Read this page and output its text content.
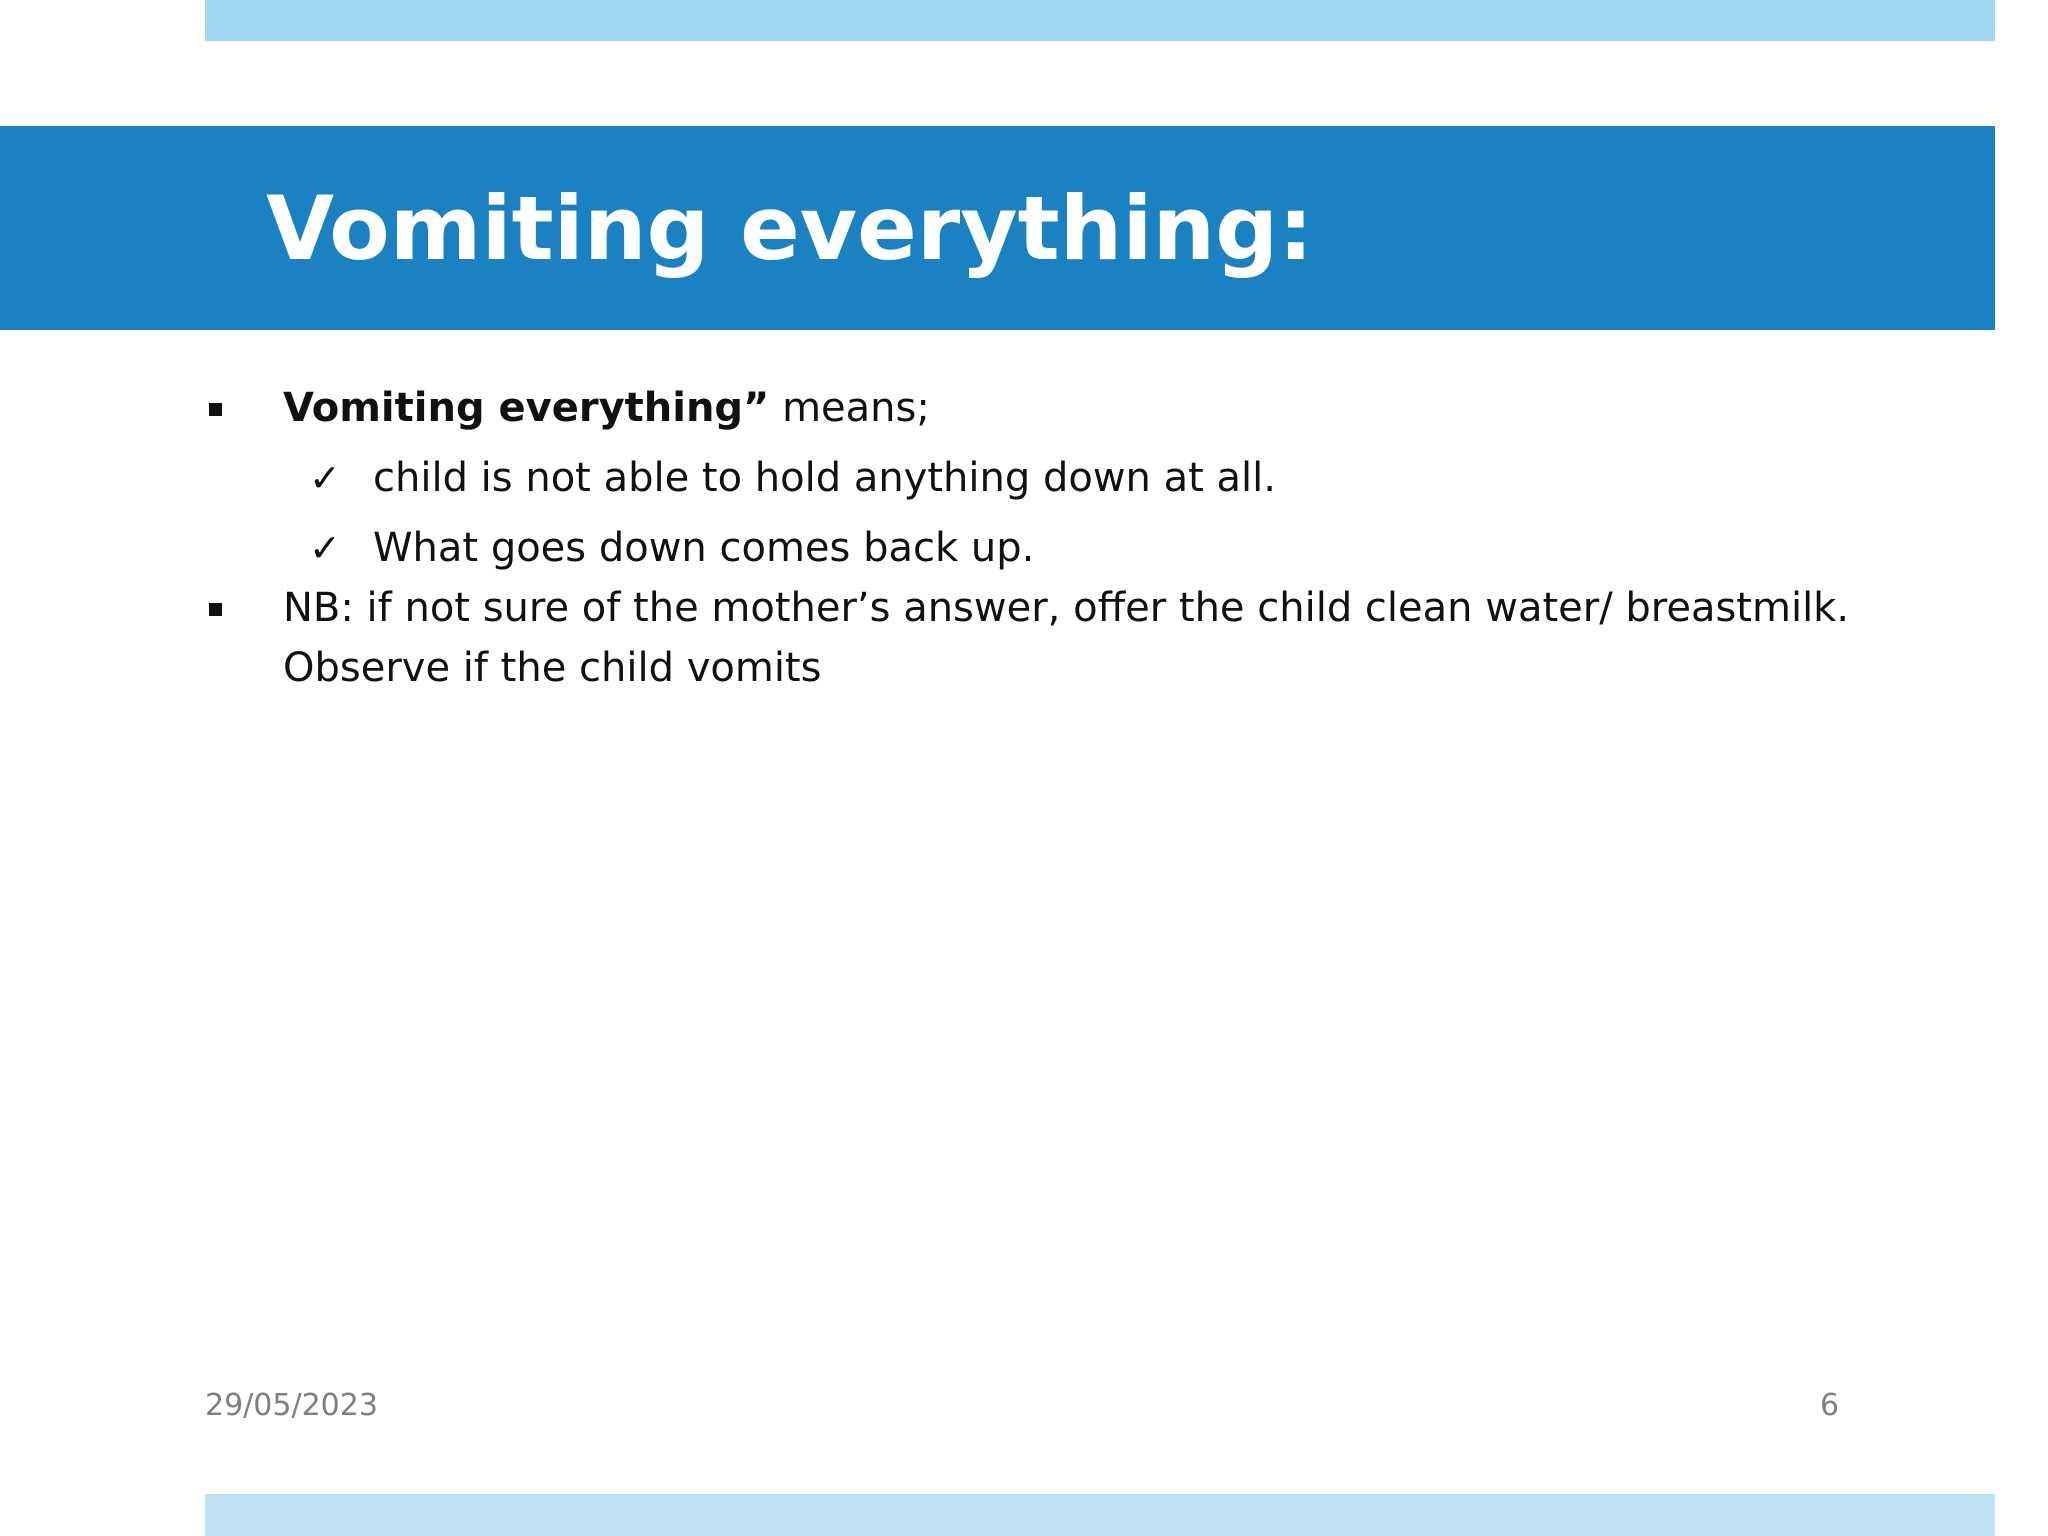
Vomiting everything:
Vomiting everything” means;
✓ child is not able to hold anything down at all.
✓ What goes down comes back up.
NB: if not sure of the mother’s answer, offer the child clean water/ breastmilk.
Observe if the child vomits
29/05/2023	6
